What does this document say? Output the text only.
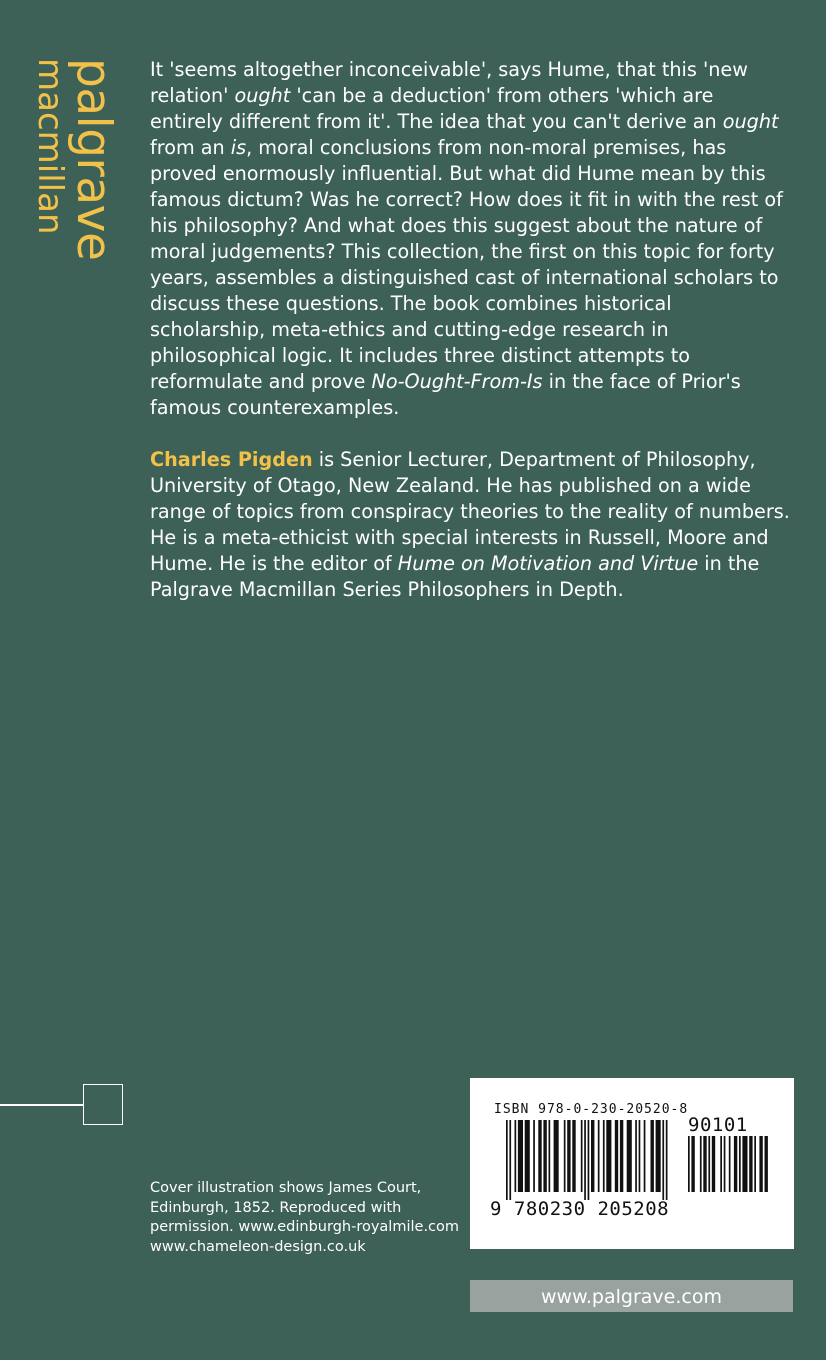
palgrave
macmillan	It 'seems altogether inconceivable', says Hume, that this 'new relation' ought 'can be a deduction' from others 'which are entirely different from it'. The idea that you can't derive an ought from an is, moral conclusions from non-moral premises, has proved enormously influential. But what did Hume mean by this famous dictum? Was he correct? How does it fit in with the rest of his philosophy? And what does this suggest about the nature of moral judgements? This collection, the first on this topic for forty years, assembles a distinguished cast of international scholars to discuss these questions. The book combines historical scholarship, meta-ethics and cutting-edge research in philosophical logic. It includes three distinct attempts to reformulate and prove No-Ought-From-Is in the face of Prior's famous counterexamples.

Charles Pigden is Senior Lecturer, Department of Philosophy, University of Otago, New Zealand. He has published on a wide range of topics from conspiracy theories to the reality of numbers. He is a meta-ethicist with special interests in Russell, Moore and Hume. He is the editor of Hume on Motivation and Virtue in the Palgrave Macmillan Series Philosophers in Depth.

Cover illustration shows James Court,
Edinburgh, 1852. Reproduced with
permission. www.edinburgh-royalmile.com
www.chameleon-design.co.uk
ISBN 978-0-230-20520-8
90101
9 780230 205208
www.palgrave.com
